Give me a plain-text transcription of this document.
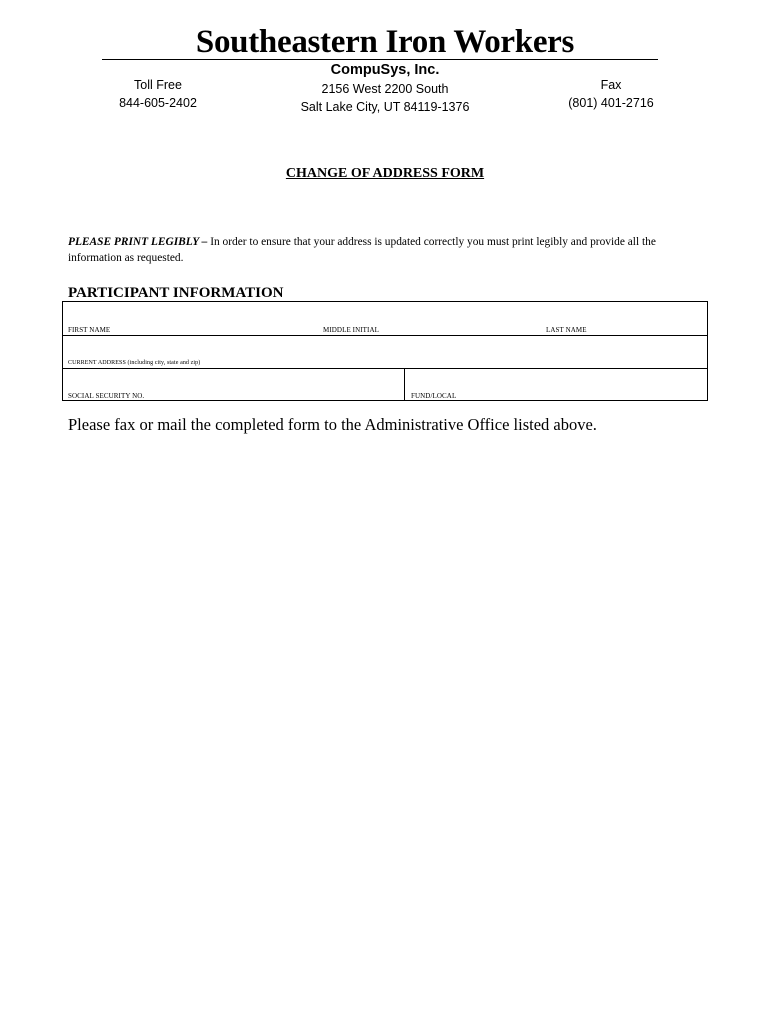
Southeastern Iron Workers
CompuSys, Inc.
2156 West 2200 South
Salt Lake City, UT 84119-1376
Toll Free
844-605-2402
Fax
(801) 401-2716
CHANGE OF ADDRESS FORM
PLEASE PRINT LEGIBLY – In order to ensure that your address is updated correctly you must print legibly and provide all the information as requested.
PARTICIPANT INFORMATION
FIRST NAME	MIDDLE INITIAL	LAST NAME
CURRENT ADDRESS (including city, state and zip)
SOCIAL SECURITY NO.	FUND/LOCAL
Please fax or mail the completed form to the Administrative Office listed above.
